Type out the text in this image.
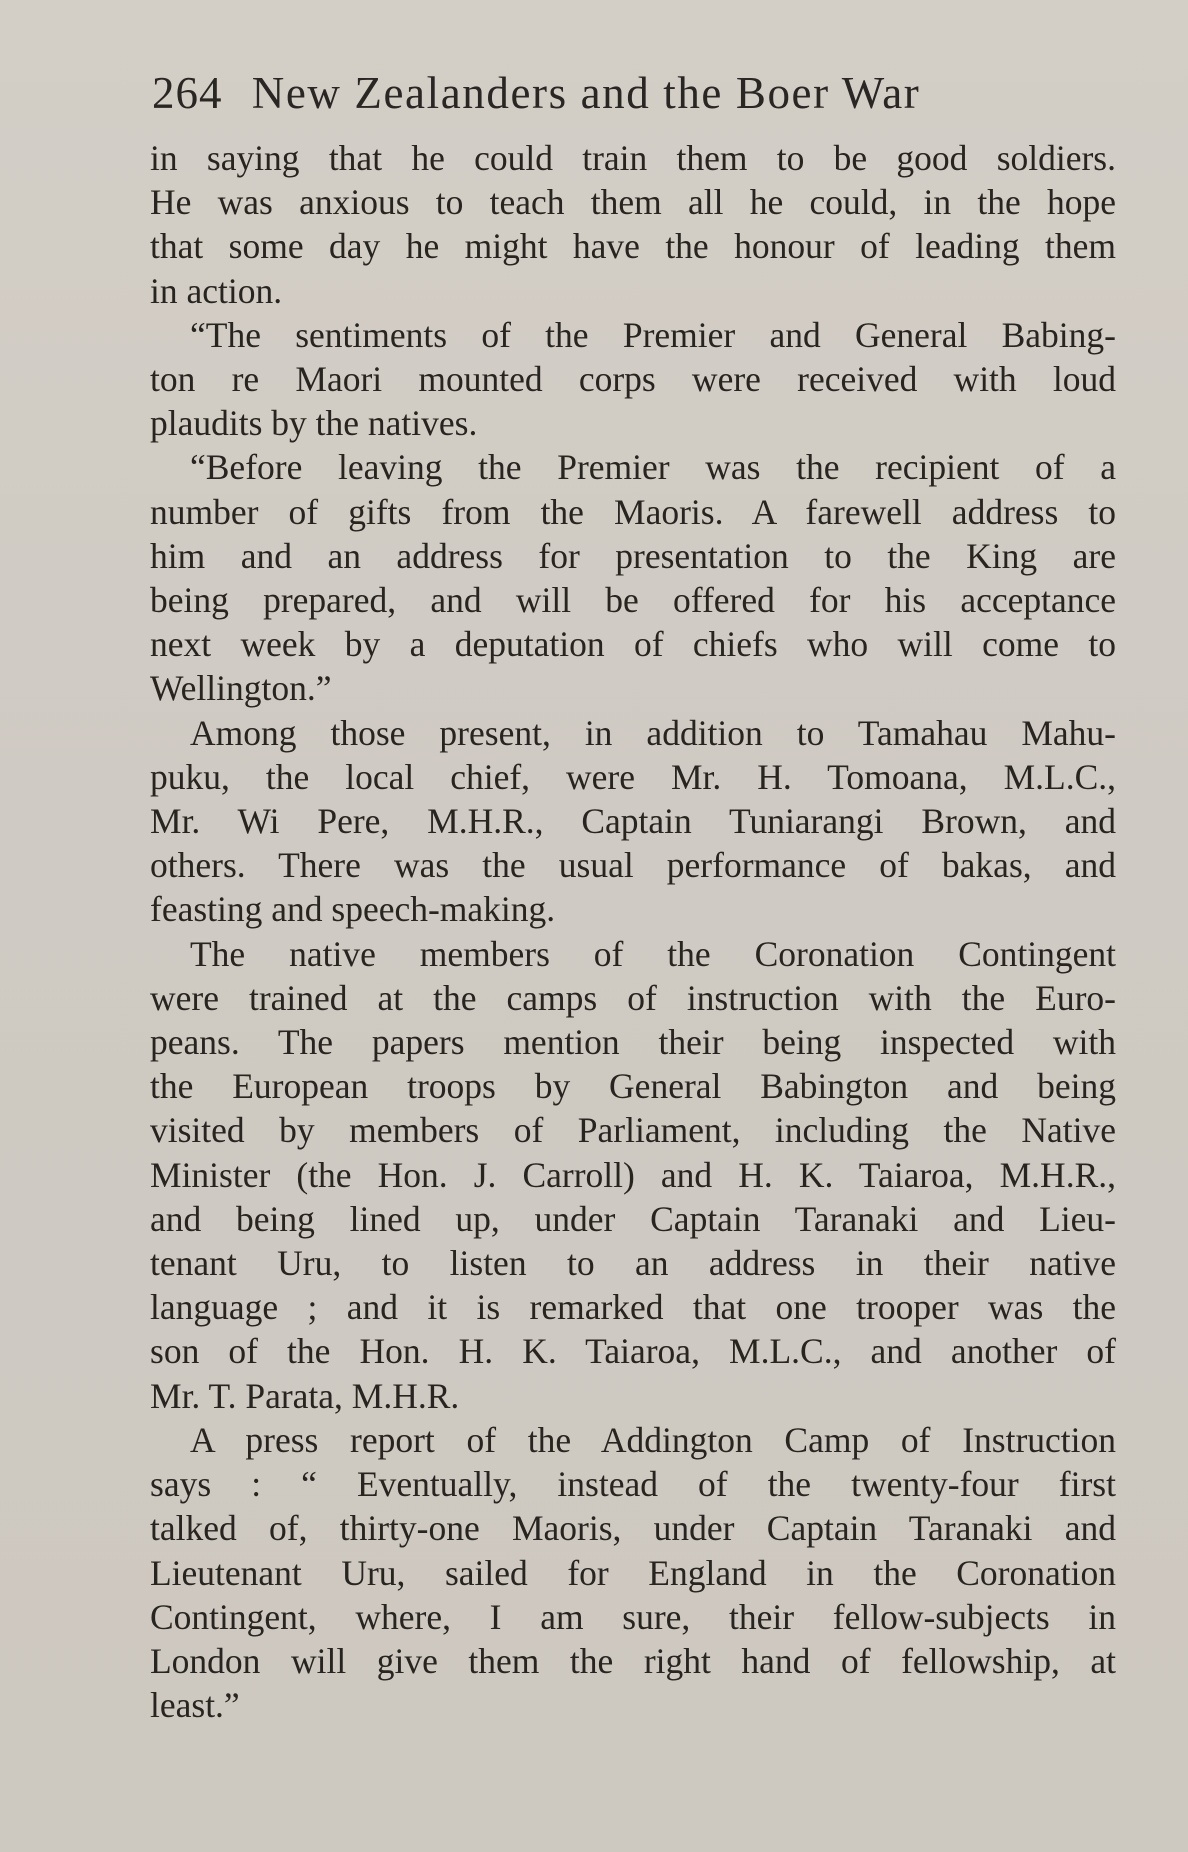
264 New Zealanders and the Boer War

in saying that he could train them to be good soldiers.
He was anxious to teach them all he could, in the hope
that some day he might have the honour of leading them
in action.

“The sentiments of the Premier and General Babing-
ton re Maori mounted corps were received with loud
plaudits by the natives.

“Before leaving the Premier was the recipient of a
number of gifts from the Maoris. A farewell address to
him and an address for presentation to the King are
being prepared, and will be offered for his acceptance
next week by a deputation of chiefs who will come to
Wellington.”

Among those present, in addition to Tamahau Mahu-
puku, the local chief, were Mr. H. Tomoana, M.L.C.,
Mr. Wi Pere, M.H.R., Captain Tuniarangi Brown, and
others. There was the usual performance of bakas, and
feasting and speech-making.

The native members of the Coronation Contingent
were trained at the camps of instruction with the Euro-
peans. The papers mention their being inspected with
the European troops by General Babington and being
visited by members of Parliament, including the Native
Minister (the Hon. J. Carroll) and H. K. Taiaroa, M.H.R.,
and being lined up, under Captain Taranaki and Lieu-
tenant Uru, to listen to an address in their native
language ; and it is remarked that one trooper was the
son of the Hon. H. K. Taiaroa, M.L.C., and another of
Mr. T. Parata, M.H.R.

A press report of the Addington Camp of Instruction
says : “ Eventually, instead of the twenty-four first
talked of, thirty-one Maoris, under Captain Taranaki and
Lieutenant Uru, sailed for England in the Coronation
Contingent, where, I am sure, their fellow-subjects in
London will give them the right hand of fellowship, at
least.”
